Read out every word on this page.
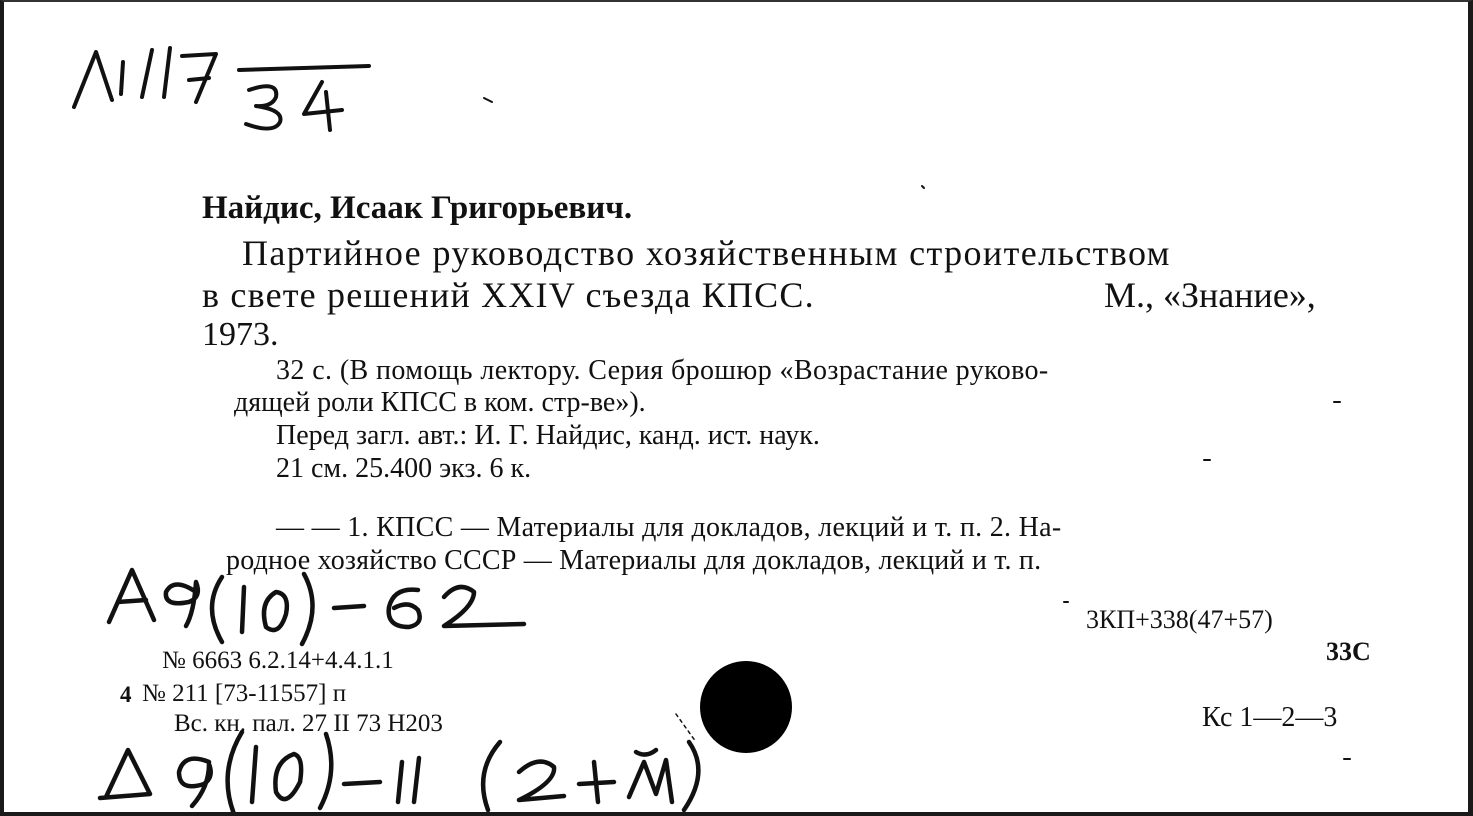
Найдис, Исаак Григорьевич.
Партийное руководство хозяйственным строительством
в свете решений XXIV съезда КПСС.	М., «Знание»,
1973.
32 с. (В помощь лектору. Серия брошюр «Возрастание руково-
дящей роли КПСС в ком. стр-ве»).
Перед загл. авт.: И. Г. Найдис, канд. ист. наук.
21 см. 25.400 экз. 6 к.
— — 1. КПСС — Материалы для докладов, лекций и т. п. 2. На-
родное хозяйство СССР — Материалы для докладов, лекций и т. п.
3КП+338(47+57)
33С
Кс 1—2—3
№ 6663 6.2.14+4.4.1.1
4 № 211 [73-11557] п
Вс. кн. пал. 27 II 73 Н203
